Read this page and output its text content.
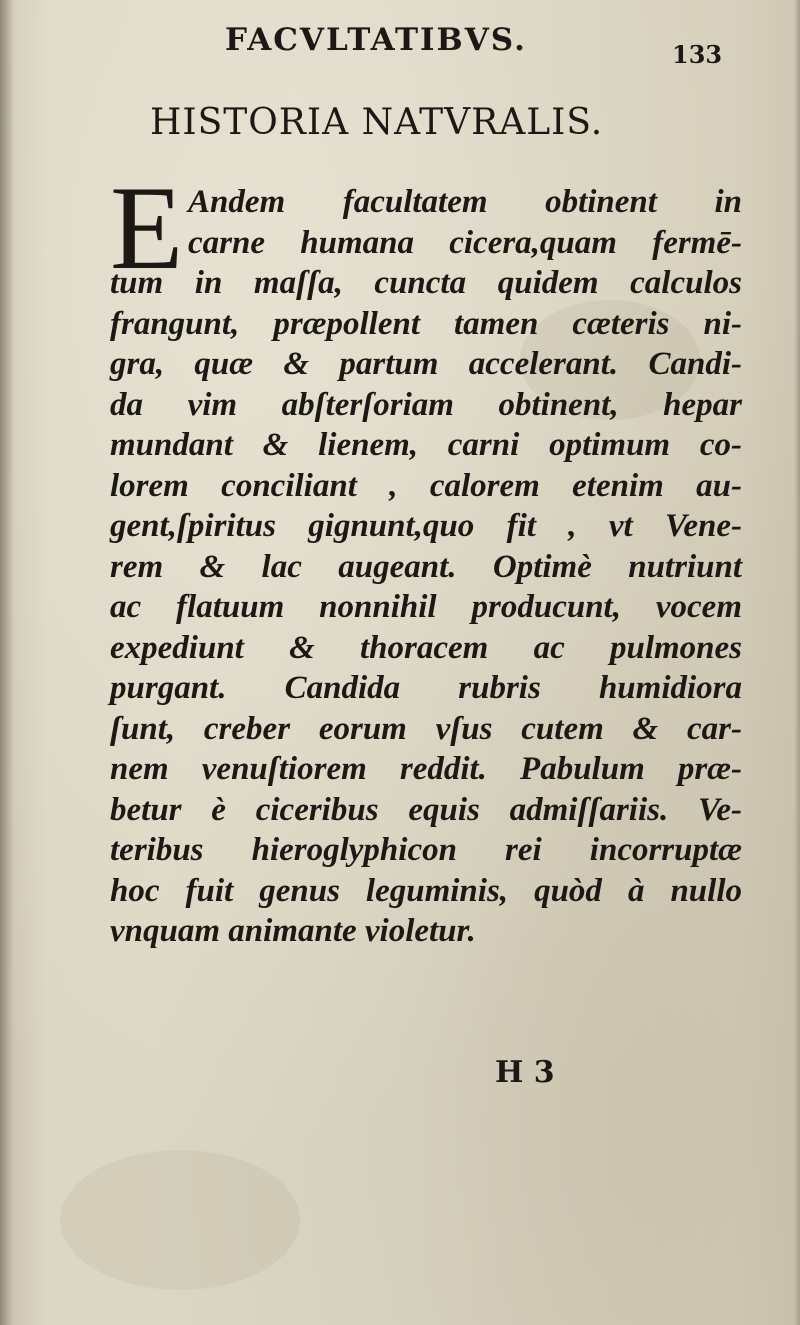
FACVLTATIBVS.	133
HISTORIA NATVRALIS.
E Andem facultatem obtinent in
carne humana cicera,quam fermē-
tum in maſſa, cuncta quidem calculos
frangunt, præpollent tamen cæteris ni-
gra, quæ & partum accelerant. Candi-
da vim abſterſoriam obtinent, hepar
mundant & lienem, carni optimum co-
lorem conciliant , calorem etenim au-
gent,ſpiritus gignunt,quo fit , vt Vene-
rem & lac augeant. Optimè nutriunt
ac flatuum nonnihil producunt, vocem
expediunt & thoracem ac pulmones
purgant. Candida rubris humidiora
ſunt, creber eorum vſus cutem & car-
nem venuſtiorem reddit. Pabulum præ-
betur è ciceribus equis admiſſariis. Ve-
teribus hieroglyphicon rei incorruptæ
hoc fuit genus leguminis, quòd à nullo
vnquam animante violetur.
H 3
